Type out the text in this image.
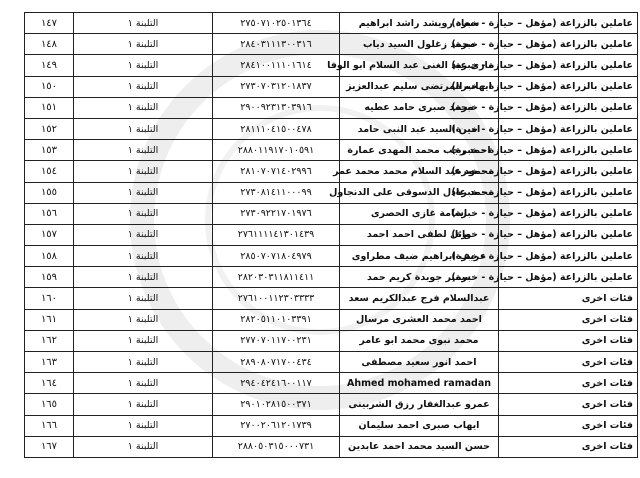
عاملين بالزراعة (مؤهل – حيازة - خبرة)	سعاد رويشد راشد ابراهيم	٢٧٥٠٧١٠٢٥٠١٣٦٤	التلبنة ١	١٤٧
عاملين بالزراعة (مؤهل – حيازة - خبرة)	محمد زغلول السيد دياب	٢٨٤٠٣١١١٣٠٠٣١٦	التلبنة ١	١٤٨
عاملين بالزراعة (مؤهل – حيازة - خبرة)	مازى عبد الغنى عبد السلام ابو الوفا	٢٨٤١٠٠١١١٠١٦١٤	التلبنة ١	١٤٩
عاملين بالزراعة (مؤهل – حيازة - خبرة)	ايهاب المرتضى سليم عبدالعزيز	٢٧٣٠٧٠٣١٢٠١٨٣٧	التلبنة ١	١٥٠
عاملين بالزراعة (مؤهل – حيازة - خبرة)	محمد صبرى حامد عطيه	٢٩٠٠٩٢٣١٣٠٣٩١٦	التلبنة ١	١٥١
عاملين بالزراعة (مؤهل – حيازة - خبرة)	امين السيد عبد النبى حامد	٢٨١١١٠٤١٥٠٠٤٧٨	التلبنة ١	١٥٢
عاملين بالزراعة (مؤهل – حيازة - خبرة)	احمد رجب محمد المهدى عمارة	٢٨٨٠١١٩١٧٠١٠٥٩١	التلبنة ١	١٥٣
عاملين بالزراعة (مؤهل – حيازة - خبرة)	محمود عبد السلام محمد محمد عمر	٢٨١٠٧٠٧١٤٠٢٩٩٦	التلبنة ١	١٥٤
عاملين بالزراعة (مؤهل – حيازة - خبرة)	محمد عادل الدسوقى على الدنجاول	٢٧٣٠٨١٤١١٠٠٠٩٩	التلبنة ١	١٥٥
عاملين بالزراعة (مؤهل – حيازة - خبرة)	اسامة غازى الحصرى	٢٧٣٠٩٢٢١٧٠١٩٧٦	التلبنة ١	١٥٦
عاملين بالزراعة (مؤهل – حيازة - خبرة)	وائل لطفى احمد احمد	٢٧٦١١١١٤١٣٠١٤٣٩	التلبنة ١	١٥٧
عاملين بالزراعة (مؤهل – حيازة - خبرة)	عريف ابراهيم ضيف مطراوى	٢٨٥٠٧٠٧١٨٠٤٩٧٩	التلبنة ١	١٥٨
عاملين بالزراعة (مؤهل – حيازة - خبرة)	سمير جويدة كريم حمد	٢٨٢٠٣٠٣١١٨١١٤١١	التلبنة ١	١٥٩
فئات اخرى	عبدالسلام فرج عبدالكريم سعد	٢٧٦١٠٠١١٢٣٠٣٣٣٣	التلبنة ١	١٦٠
فئات اخرى	احمد محمد العشرى مرسال	٢٨٢٠٥١١٠١٠٣٣٩١	التلبنة ١	١٦١
فئات اخرى	محمد نبوى محمد ابو عامر	٢٧٧٠٧٠١١٧٠٠٢٣١	التلبنة ١	١٦٢
فئات اخرى	احمد انور سعيد مصطفى	٢٨٩٠٨٠٧١٧٠٠٤٣٤	التلبنة ١	١٦٣
فئات اخرى	Ahmed mohamed ramadan	٢٩٤٠٤٢٤١٦٠٠١١٧	التلبنة ١	١٦٤
فئات اخرى	عمرو عبدالغفار رزق الشربينى	٢٩٠١٠٢٨١٥٠٠٣٧١	التلبنة ١	١٦٥
فئات اخرى	ايهاب صبرى احمد سليمان	٢٧٠٠٢٠٦١٢٠١٧٣٩	التلبنة ١	١٦٦
فئات اخرى	حسن السيد محمد احمد عابدين	٢٨٨٠٥٠٣١٥٠٠٠٧٣١	التلبنة ١	١٦٧
